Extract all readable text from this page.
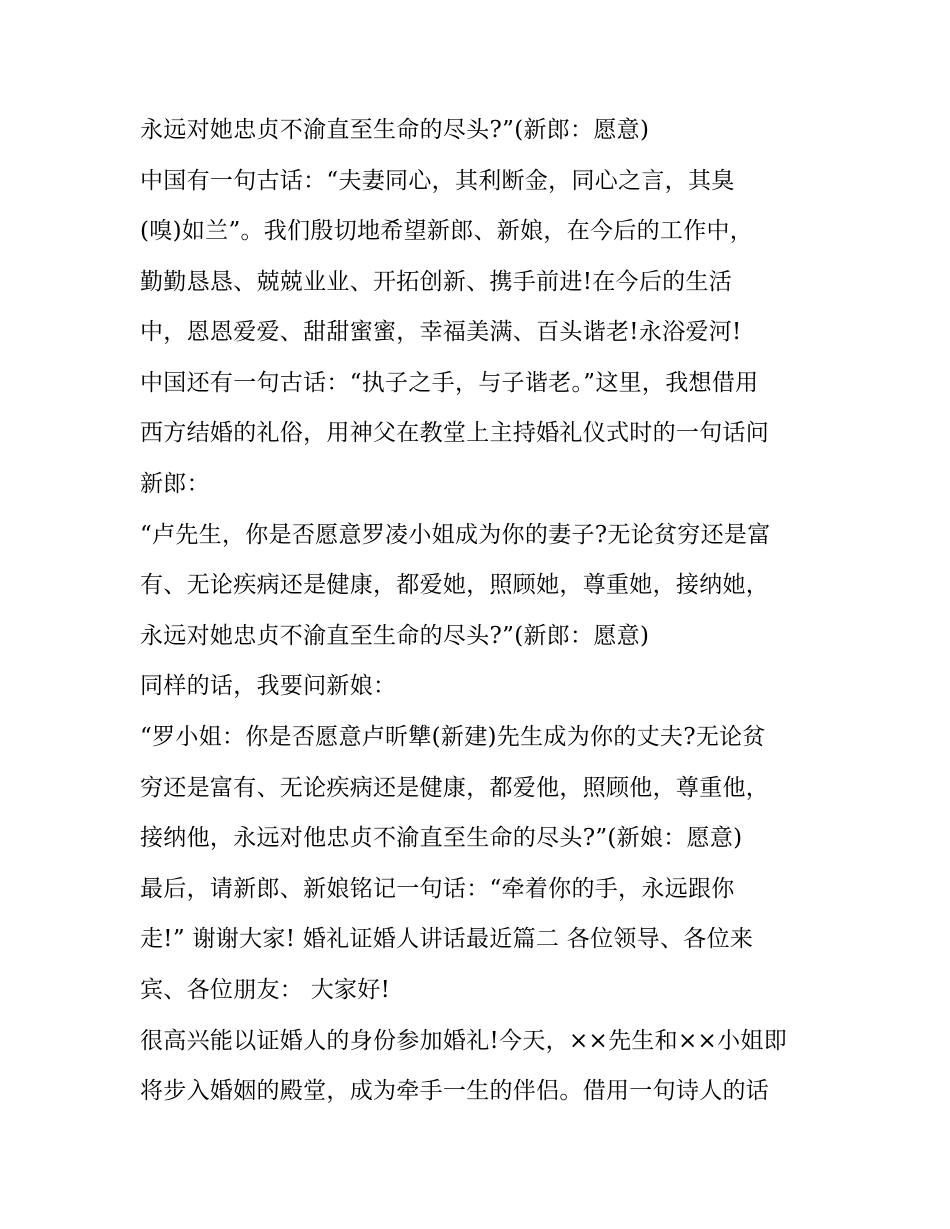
永远对她忠贞不渝直至生命的尽头?”(新郎：愿意)
中国有一句古话：“夫妻同心，其利断金，同心之言，其臭
(嗅)如兰”。我们殷切地希望新郎、新娘，在今后的工作中，
勤勤恳恳、兢兢业业、开拓创新、携手前进!在今后的生活
中，恩恩爱爱、甜甜蜜蜜，幸福美满、百头谐老!永浴爱河!
中国还有一句古话：“执子之手，与子谐老。”这里，我想借用
西方结婚的礼俗，用神父在教堂上主持婚礼仪式时的一句话问
新郎：
“卢先生，你是否愿意罗凌小姐成为你的妻子?无论贫穷还是富
有、无论疾病还是健康，都爱她，照顾她，尊重她，接纳她，
永远对她忠贞不渝直至生命的尽头?”(新郎：愿意)
同样的话，我要问新娘：
“罗小姐：你是否愿意卢昕犨(新建)先生成为你的丈夫?无论贫
穷还是富有、无论疾病还是健康，都爱他，照顾他，尊重他，
接纳他，永远对他忠贞不渝直至生命的尽头?”(新娘：愿意)
最后，请新郎、新娘铭记一句话：“牵着你的手，永远跟你
走!” 谢谢大家! 婚礼证婚人讲话最近篇二 各位领导、各位来
宾、各位朋友： 大家好!
很高兴能以证婚人的身份参加婚礼!今天，××先生和××小姐即
将步入婚姻的殿堂，成为牵手一生的伴侣。借用一句诗人的话
